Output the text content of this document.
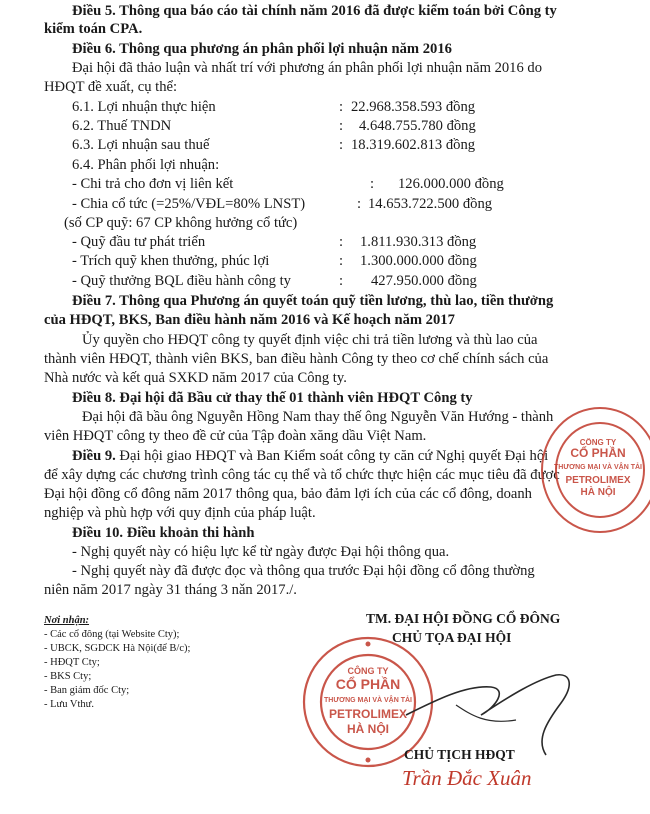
Điều 5. Thông qua báo cáo tài chính năm 2016 đã được kiểm toán bởi Công ty
kiểm toán CPA.
Điều 6. Thông qua phương án phân phối lợi nhuận năm 2016
Đại hội đã thảo luận và nhất trí với phương án phân phối lợi nhuận năm 2016 do
HĐQT đề xuất, cụ thể:
6.1. Lợi nhuận thực hiện	: 22.968.358.593 đồng
6.2. Thuế TNDN	: 4.648.755.780 đồng
6.3. Lợi nhuận sau thuế	: 18.319.602.813 đồng
6.4. Phân phối lợi nhuận:
- Chi trả cho đơn vị liên kết	: 126.000.000 đồng
- Chia cổ tức (=25%/VĐL=80% LNST)	: 14.653.722.500 đồng
(số CP quỹ: 67 CP không hưởng cổ tức)
- Quỹ đầu tư phát triển	: 1.811.930.313 đồng
- Trích quỹ khen thưởng, phúc lợi	: 1.300.000.000 đồng
- Quỹ thưởng BQL điều hành công ty	: 427.950.000 đồng
Điều 7. Thông qua Phương án quyết toán quỹ tiền lương, thù lao, tiền thưởng
của HĐQT, BKS, Ban điều hành năm 2016 và Kế hoạch năm 2017
Ủy quyền cho HĐQT công ty quyết định việc chi trả tiền lương và thù lao của
thành viên HĐQT, thành viên BKS, ban điều hành Công ty theo cơ chế chính sách của
Nhà nước và kết quả SXKD năm 2017 của Công ty.
Điều 8. Đại hội đã Bầu cử thay thế 01 thành viên HĐQT Công ty
Đại hội đã bầu ông Nguyễn Hồng Nam thay thế ông Nguyễn Văn Hướng - thành
viên HĐQT công ty theo đề cử của Tập đoàn xăng dầu Việt Nam.
Điều 9. Đại hội giao HĐQT và Ban Kiểm soát công ty căn cứ Nghị quyết Đại hội
để xây dựng các chương trình công tác cụ thể và tổ chức thực hiện các mục tiêu đã được
Đại hội đồng cổ đông năm 2017 thông qua, bảo đảm lợi ích của các cổ đông, doanh
nghiệp và phù hợp với quy định của pháp luật.
Điều 10. Điều khoản thi hành
- Nghị quyết này có hiệu lực kể từ ngày được Đại hội thông qua.
- Nghị quyết này đã được đọc và thông qua trước Đại hội đồng cổ đông thường
niên năm 2017 ngày 31 tháng 3 nǎn 2017./.
Nơi nhận:
- Các cổ đông (tại Website Cty);
- UBCK, SGDCK Hà Nội(để B/c);
- HĐQT Cty;
- BKS Cty;
- Ban giám đốc Cty;
- Lưu Vthư.
TM. ĐẠI HỘI ĐỒNG CỔ ĐÔNG
CHỦ TỌA ĐẠI HỘI
CÔNG TY
CỔ PHẦN
THƯƠNG MẠI VÀ VẬN TẢI
PETROLIMEX
HÀ NỘI
CÔNG TY
CỔ PHẦN
THƯƠNG MẠI VÀ VẬN TẢI
PETROLIMEX
HÀ NỘI
CHỦ TỊCH HĐQT
Trần Đắc Xuân
